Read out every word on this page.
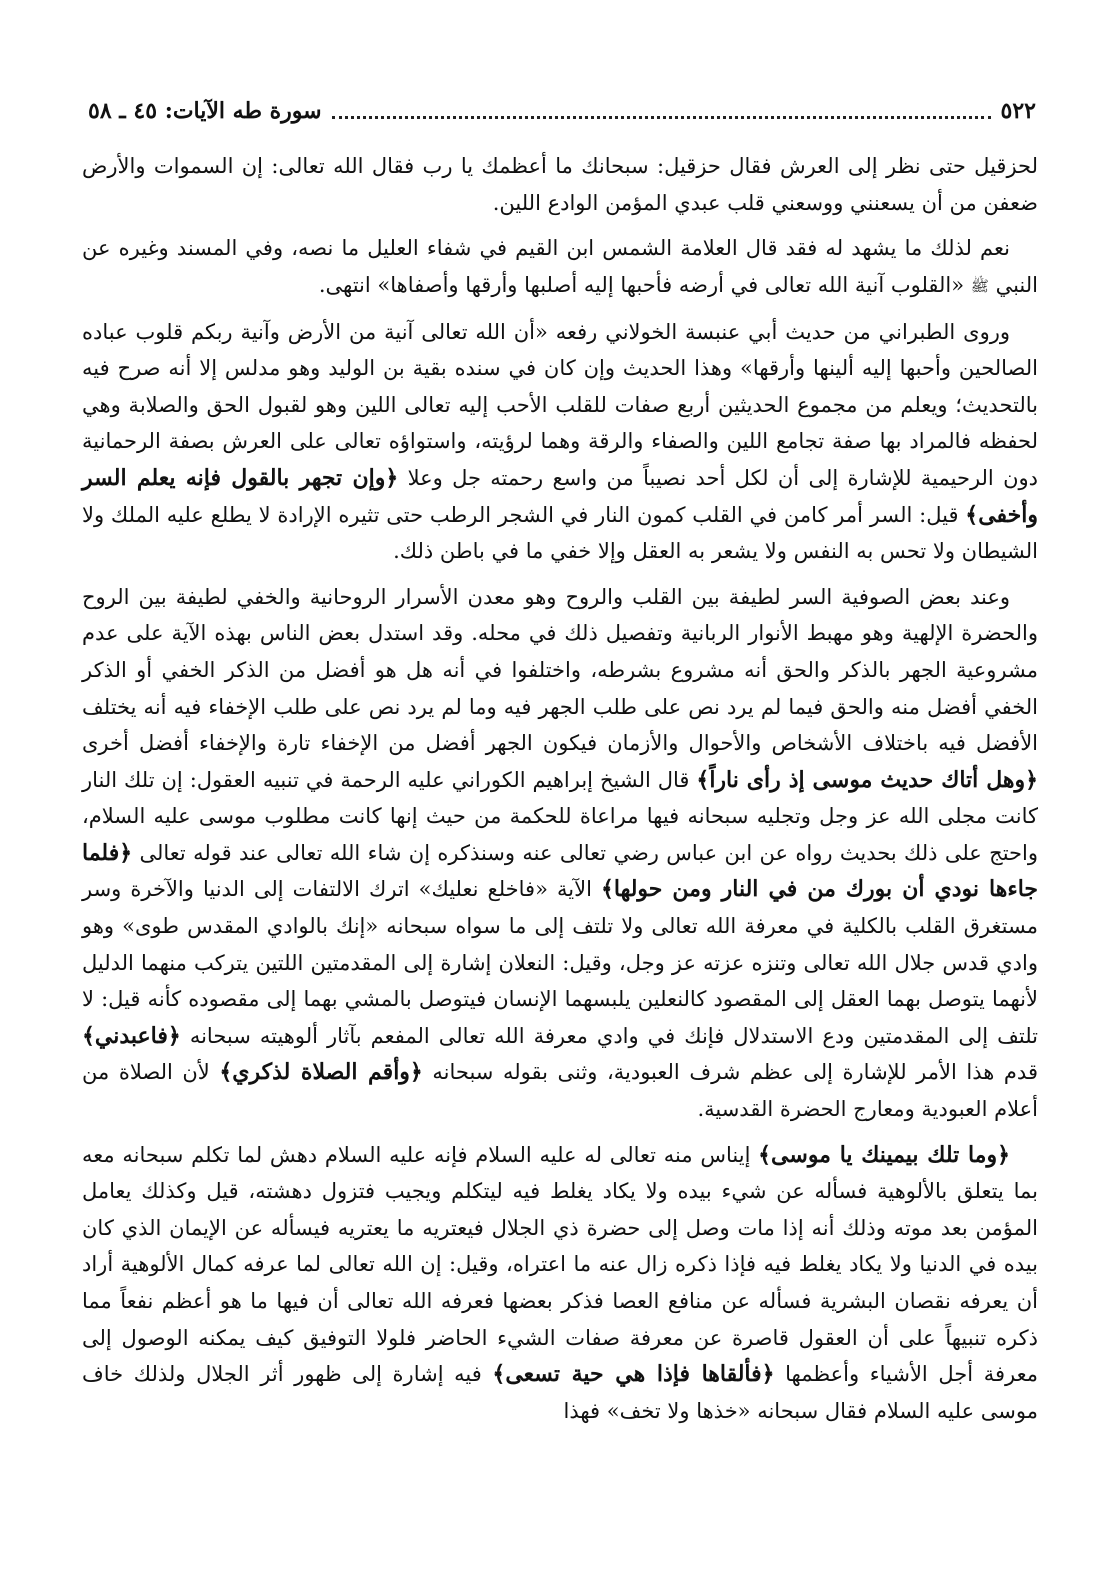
٥٢٢
سورة طه الآيات: ٤٥ ـ ٥٨

لحزقيل حتى نظر إلى العرش فقال حزقيل: سبحانك ما أعظمك يا رب فقال الله تعالى: إن السموات والأرض ضعفن من أن يسعنني ووسعني قلب عبدي المؤمن الوادع اللين.

نعم لذلك ما يشهد له فقد قال العلامة الشمس ابن القيم في شفاء العليل ما نصه، وفي المسند وغيره عن النبي ﷺ «القلوب آنية الله تعالى في أرضه فأحبها إليه أصلبها وأرقها وأصفاها» انتهى.

وروى الطبراني من حديث أبي عنبسة الخولاني رفعه «أن الله تعالى آنية من الأرض وآنية ربكم قلوب عباده الصالحين وأحبها إليه ألينها وأرقها» وهذا الحديث وإن كان في سنده بقية بن الوليد وهو مدلس إلا أنه صرح فيه بالتحديث؛ ويعلم من مجموع الحديثين أربع صفات للقلب الأحب إليه تعالى اللين وهو لقبول الحق والصلابة وهي لحفظه فالمراد بها صفة تجامع اللين والصفاء والرقة وهما لرؤيته، واستواؤه تعالى على العرش بصفة الرحمانية دون الرحيمية للإشارة إلى أن لكل أحد نصيباً من واسع رحمته جل وعلا ﴿وإن تجهر بالقول فإنه يعلم السر وأخفى﴾ قيل: السر أمر كامن في القلب كمون النار في الشجر الرطب حتى تثيره الإرادة لا يطلع عليه الملك ولا الشيطان ولا تحس به النفس ولا يشعر به العقل وإلا خفي ما في باطن ذلك.

وعند بعض الصوفية السر لطيفة بين القلب والروح وهو معدن الأسرار الروحانية والخفي لطيفة بين الروح والحضرة الإلهية وهو مهبط الأنوار الربانية وتفصيل ذلك في محله. وقد استدل بعض الناس بهذه الآية على عدم مشروعية الجهر بالذكر والحق أنه مشروع بشرطه، واختلفوا في أنه هل هو أفضل من الذكر الخفي أو الذكر الخفي أفضل منه والحق فيما لم يرد نص على طلب الجهر فيه وما لم يرد نص على طلب الإخفاء فيه أنه يختلف الأفضل فيه باختلاف الأشخاص والأحوال والأزمان فيكون الجهر أفضل من الإخفاء تارة والإخفاء أفضل أخرى ﴿وهل أتاك حديث موسى إذ رأى ناراً﴾ قال الشيخ إبراهيم الكوراني عليه الرحمة في تنبيه العقول: إن تلك النار كانت مجلى الله عز وجل وتجليه سبحانه فيها مراعاة للحكمة من حيث إنها كانت مطلوب موسى عليه السلام، واحتج على ذلك بحديث رواه عن ابن عباس رضي تعالى عنه وسنذكره إن شاء الله تعالى عند قوله تعالى ﴿فلما جاءها نودي أن بورك من في النار ومن حولها﴾ الآية «فاخلع نعليك» اترك الالتفات إلى الدنيا والآخرة وسر مستغرق القلب بالكلية في معرفة الله تعالى ولا تلتف إلى ما سواه سبحانه «إنك بالوادي المقدس طوى» وهو وادي قدس جلال الله تعالى وتنزه عزته عز وجل، وقيل: النعلان إشارة إلى المقدمتين اللتين يتركب منهما الدليل لأنهما يتوصل بهما العقل إلى المقصود كالنعلين يلبسهما الإنسان فيتوصل بالمشي بهما إلى مقصوده كأنه قيل: لا تلتف إلى المقدمتين ودع الاستدلال فإنك في وادي معرفة الله تعالى المفعم بآثار ألوهيته سبحانه ﴿فاعبدني﴾ قدم هذا الأمر للإشارة إلى عظم شرف العبودية، وثنى بقوله سبحانه ﴿وأقم الصلاة لذكري﴾ لأن الصلاة من أعلام العبودية ومعارج الحضرة القدسية.

﴿وما تلك بيمينك يا موسى﴾ إيناس منه تعالى له عليه السلام فإنه عليه السلام دهش لما تكلم سبحانه معه بما يتعلق بالألوهية فسأله عن شيء بيده ولا يكاد يغلط فيه ليتكلم ويجيب فتزول دهشته، قيل وكذلك يعامل المؤمن بعد موته وذلك أنه إذا مات وصل إلى حضرة ذي الجلال فيعتريه ما يعتريه فيسأله عن الإيمان الذي كان بيده في الدنيا ولا يكاد يغلط فيه فإذا ذكره زال عنه ما اعتراه، وقيل: إن الله تعالى لما عرفه كمال الألوهية أراد أن يعرفه نقصان البشرية فسأله عن منافع العصا فذكر بعضها فعرفه الله تعالى أن فيها ما هو أعظم نفعاً مما ذكره تنبيهاً على أن العقول قاصرة عن معرفة صفات الشيء الحاضر فلولا التوفيق كيف يمكنه الوصول إلى معرفة أجل الأشياء وأعظمها ﴿فألقاها فإذا هي حية تسعى﴾ فيه إشارة إلى ظهور أثر الجلال ولذلك خاف موسى عليه السلام فقال سبحانه «خذها ولا تخف» فهذا
